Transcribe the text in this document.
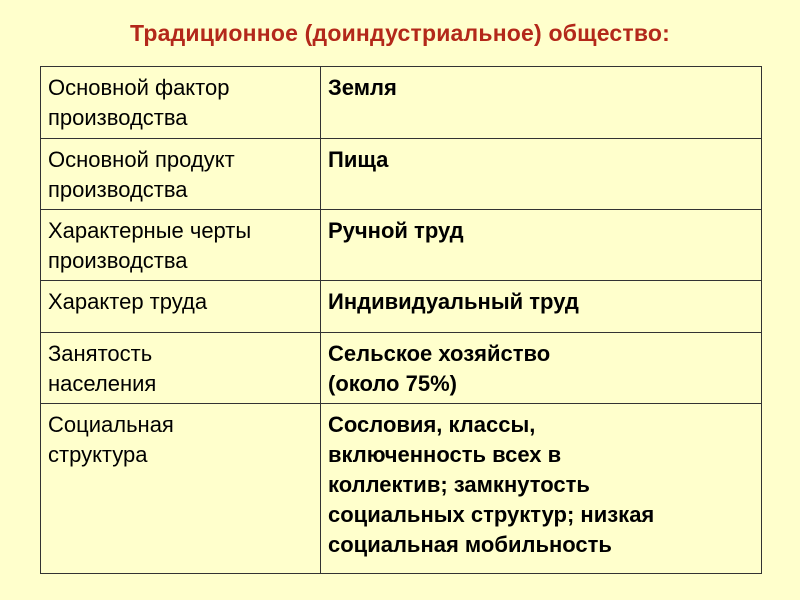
Традиционное (доиндустриальное) общество:
Основной фактор
производства	Земля
Основной продукт
производства	Пища
Характерные черты
производства	Ручной труд
Характер труда	Индивидуальный труд
Занятость
населения	Сельское хозяйство
(около 75%)
Социальная
структура	Сословия, классы,
включенность всех в
коллектив; замкнутость
социальных структур; низкая
социальная мобильность
